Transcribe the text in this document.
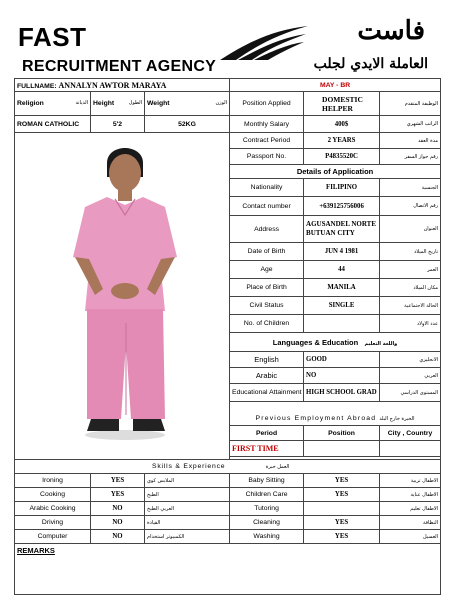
FAST
RECRUITMENT AGENCY
فاست
العاملة الايدي لجلب
FULLNAME: ANNALYN AWTOR MARAYA			MAY - BR		
Religion الديانة	Height الطول	Weight الوزن	Position Applied	DOMESTIC HELPER	الوظيفة المتقدم

ROMAN CATHOLIC	5'2	52KG	Monthly Salary	400$	الراتب الشهري

	Contract Period	2 YEARS	مدة العقد

			Passport No.	P4835520C	رقم جواز السفر

			Details of Application		
			Nationality	FILIPINO	الجنسية

			Contact number	+639125756006	رقم الاتصال

			Address	AGUSANDEL NORTE BUTUAN CITY	العنوان

			Date of Birth	JUN 4 1981	تاريخ الميلاد

			Age	44	العمر

			Place of Birth	MANILA	مكان الميلاد

			Civil Status	SINGLE	الحالة الاجتماعية

			No. of Children		عدد الاولاد

			Languages & Education واللغة التعليم		
			English	GOOD	الانجليزي

			Arabic	NO	العربي

			Educational Attainment	HIGH SCHOOL GRAD	المستوى الدراسي

			Previous Employment Abroad الخبرة خارج البلد		
			Period	Position	City , Country
			FIRST TIME		

Skills & Experience العمل خبرة					
Ironing	YES	الملابس كوي	Baby Sitting	YES	الاطفال تربية

Cooking	YES	الطبخ	Children Care	YES	الاطفال عناية

Arabic Cooking	NO	العربي الطبخ	Tutoring		الاطفال تعليم

Driving	NO	القيادة	Cleaning	YES	النظافة

Computer	NO	الكمبيوتر استخدام	Washing	YES	الغسيل

REMARKS					
